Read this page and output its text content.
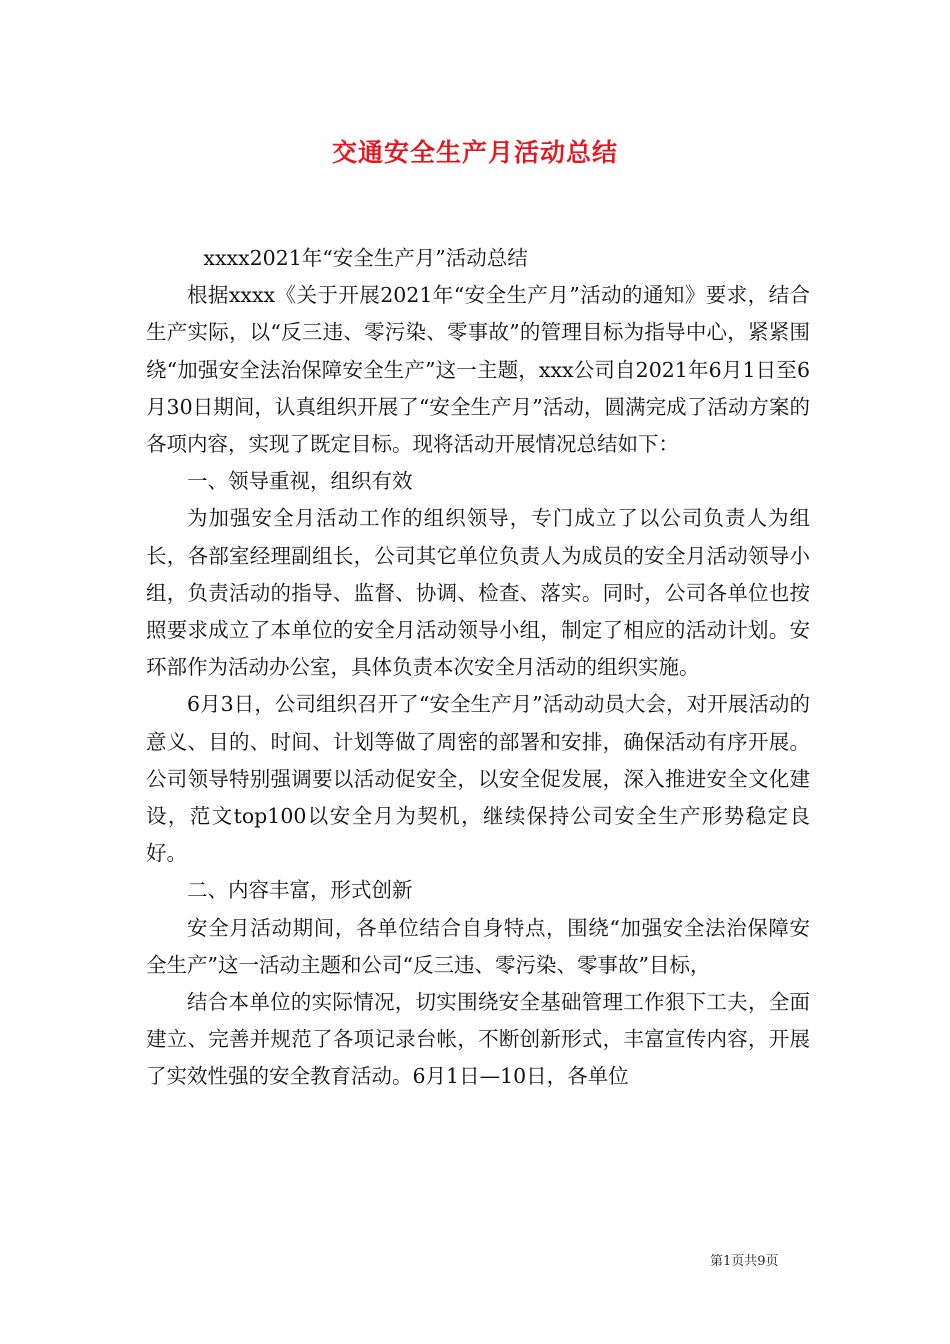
交通安全生产月活动总结

xxxx2021年“安全生产月”活动总结

根据xxxx《关于开展2021年“安全生产月”活动的通知》要求，结合生产实际，以“反三违、零污染、零事故”的管理目标为指导中心，紧紧围绕“加强安全法治保障安全生产”这一主题，xxx公司自2021年6月1日至6月30日期间，认真组织开展了“安全生产月”活动，圆满完成了活动方案的各项内容，实现了既定目标。现将活动开展情况总结如下：

一、领导重视，组织有效

为加强安全月活动工作的组织领导，专门成立了以公司负责人为组长，各部室经理副组长，公司其它单位负责人为成员的安全月活动领导小组，负责活动的指导、监督、协调、检查、落实。同时，公司各单位也按照要求成立了本单位的安全月活动领导小组，制定了相应的活动计划。安环部作为活动办公室，具体负责本次安全月活动的组织实施。

6月3日，公司组织召开了“安全生产月”活动动员大会，对开展活动的意义、目的、时间、计划等做了周密的部署和安排，确保活动有序开展。公司领导特别强调要以活动促安全，以安全促发展，深入推进安全文化建设，范文top100以安全月为契机，继续保持公司安全生产形势稳定良好。

二、内容丰富，形式创新

安全月活动期间，各单位结合自身特点，围绕“加强安全法治保障安全生产”这一活动主题和公司“反三违、零污染、零事故”目标，

结合本单位的实际情况，切实围绕安全基础管理工作狠下工夫，全面建立、完善并规范了各项记录台帐，不断创新形式，丰富宣传内容，开展了实效性强的安全教育活动。6月1日—10日，各单位

第1页共9页
